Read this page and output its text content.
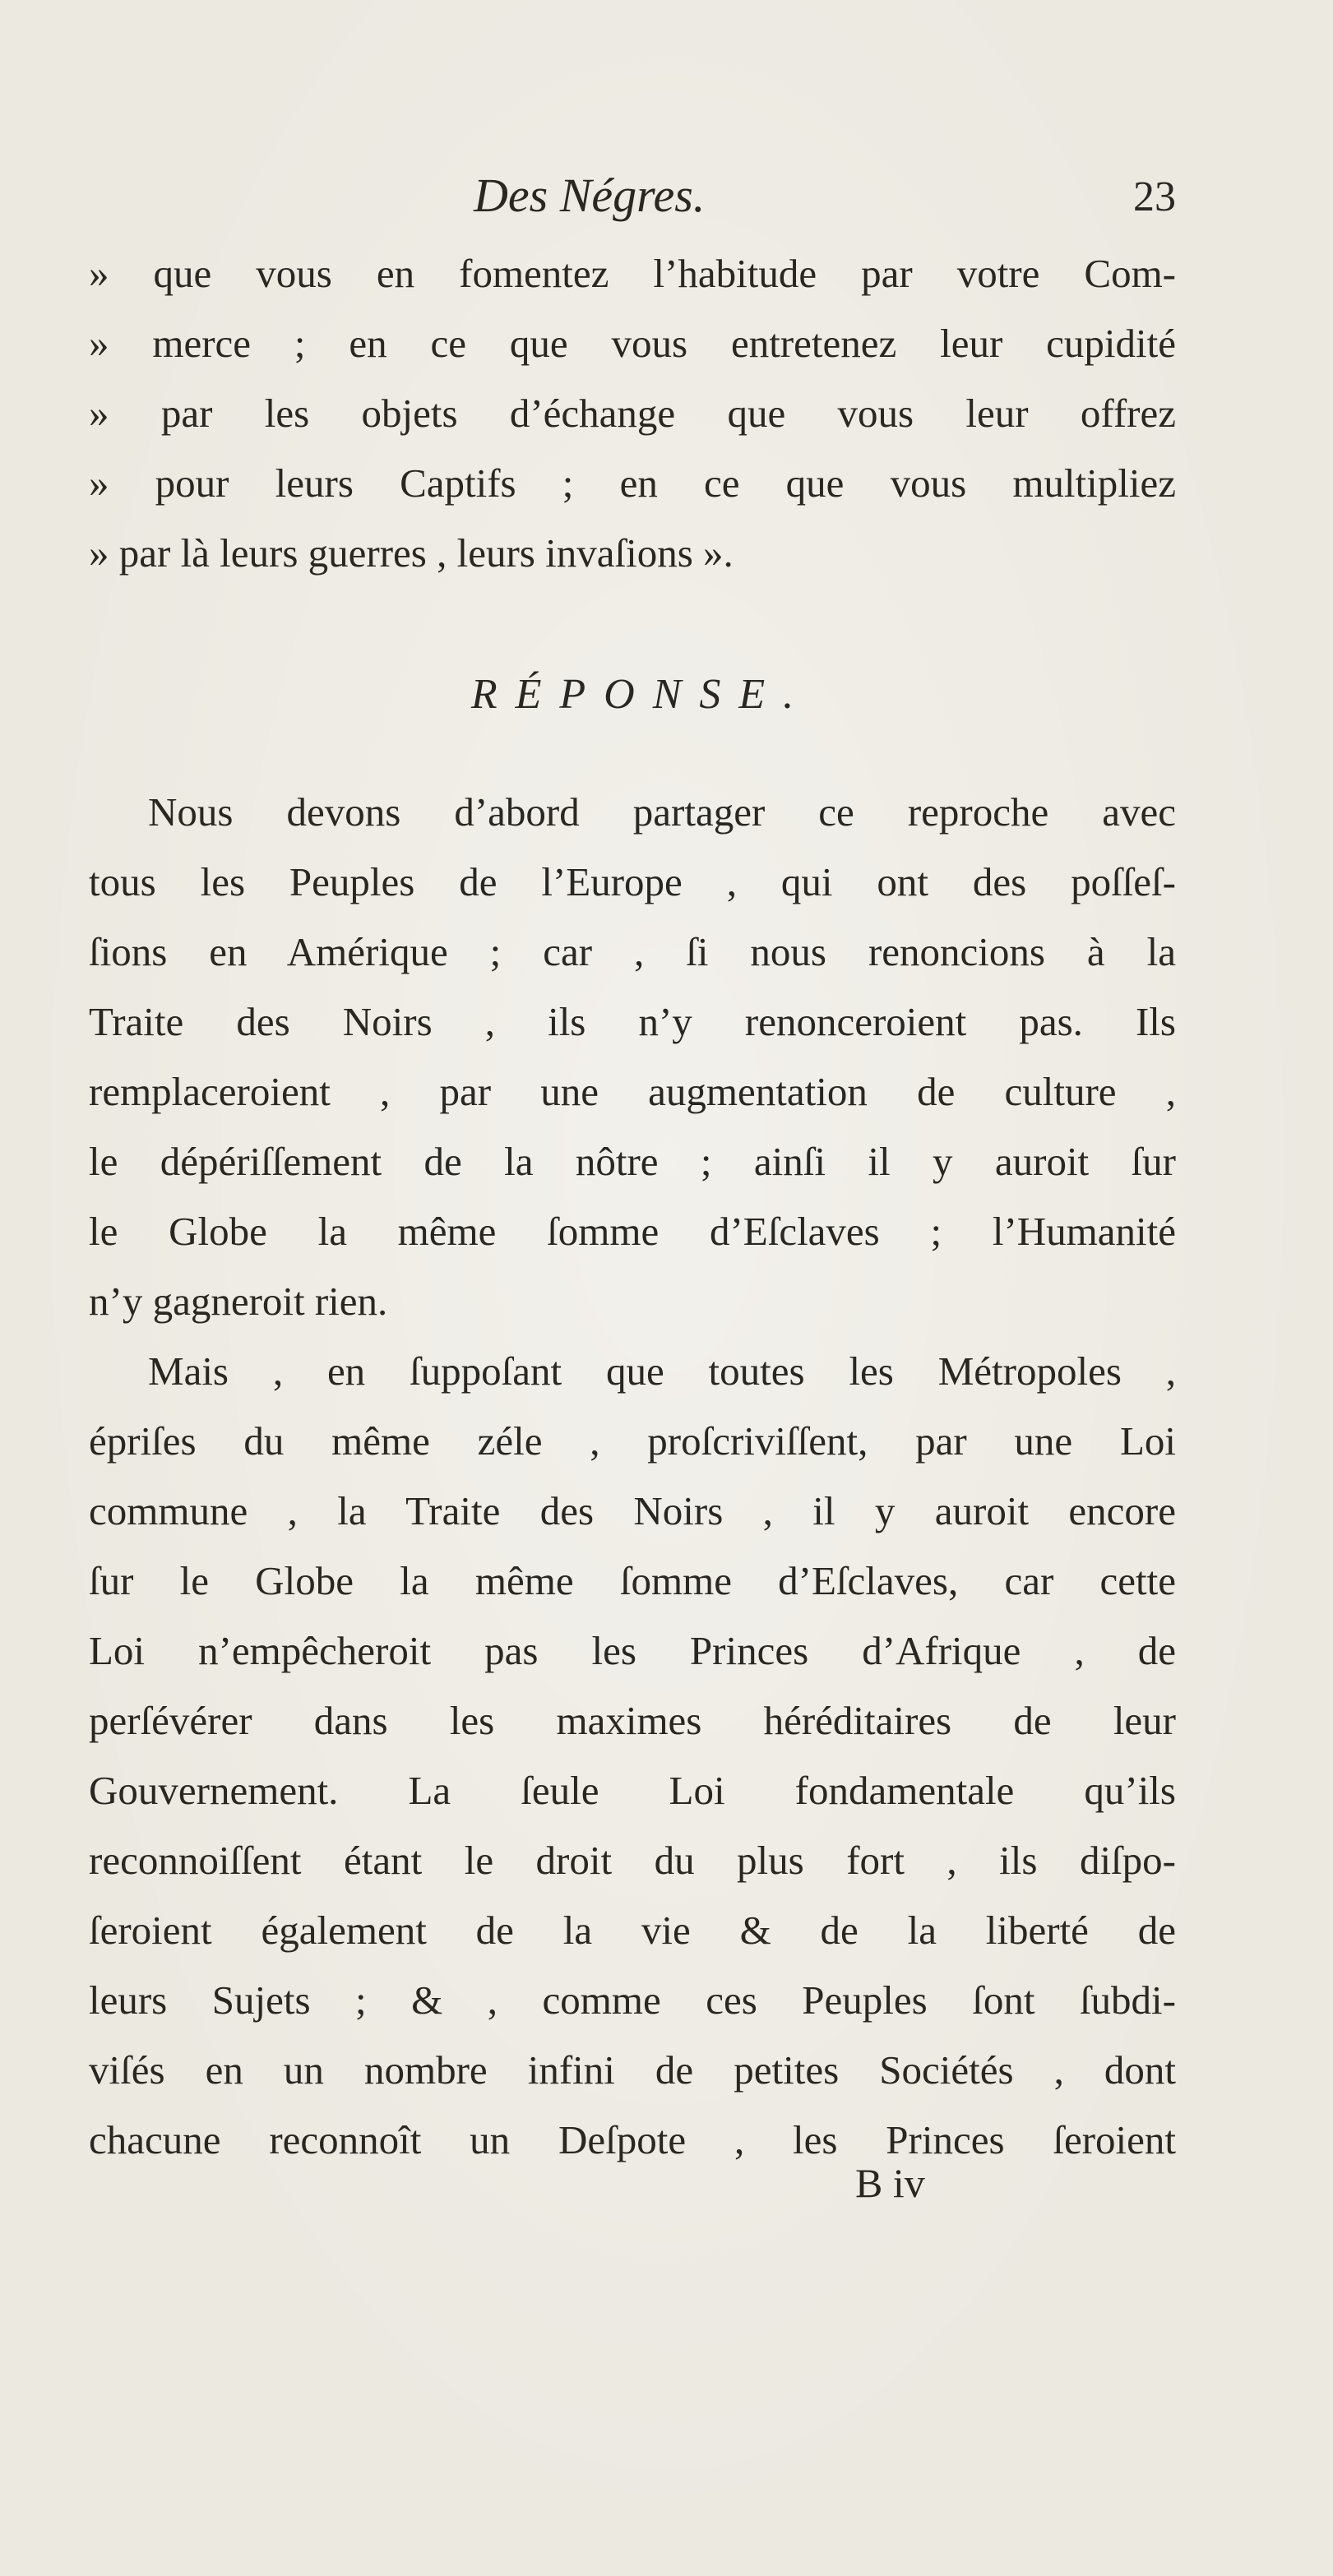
Des Négres.	23
» que vous en fomentez l’habitude par votre Com-
» merce ; en ce que vous entretenez leur cupidité
» par les objets d’échange que vous leur offrez
» pour leurs Captifs ; en ce que vous multipliez
» par là leurs guerres , leurs invaſions ».
RÉPONSE.
Nous devons d’abord partager ce reproche avec
tous les Peuples de l’Europe , qui ont des poſſeſ-
ſions en Amérique ; car , ſi nous renoncions à la
Traite des Noirs , ils n’y renonceroient pas. Ils
remplaceroient , par une augmentation de culture ,
le dépériſſement de la nôtre ; ainſi il y auroit ſur
le Globe la même ſomme d’Eſclaves ; l’Humanité
n’y gagneroit rien.
Mais , en ſuppoſant que toutes les Métropoles ,
épriſes du même zéle , proſcriviſſent, par une Loi
commune , la Traite des Noirs , il y auroit encore
ſur le Globe la même ſomme d’Eſclaves, car cette
Loi n’empêcheroit pas les Princes d’Afrique , de
perſévérer dans les maximes héréditaires de leur
Gouvernement. La ſeule Loi fondamentale qu’ils
reconnoiſſent étant le droit du plus fort , ils diſpo-
ſeroient également de la vie & de la liberté de
leurs Sujets ; & , comme ces Peuples ſont ſubdi-
viſés en un nombre infini de petites Sociétés , dont
chacune reconnoît un Deſpote , les Princes ſeroient
B iv
